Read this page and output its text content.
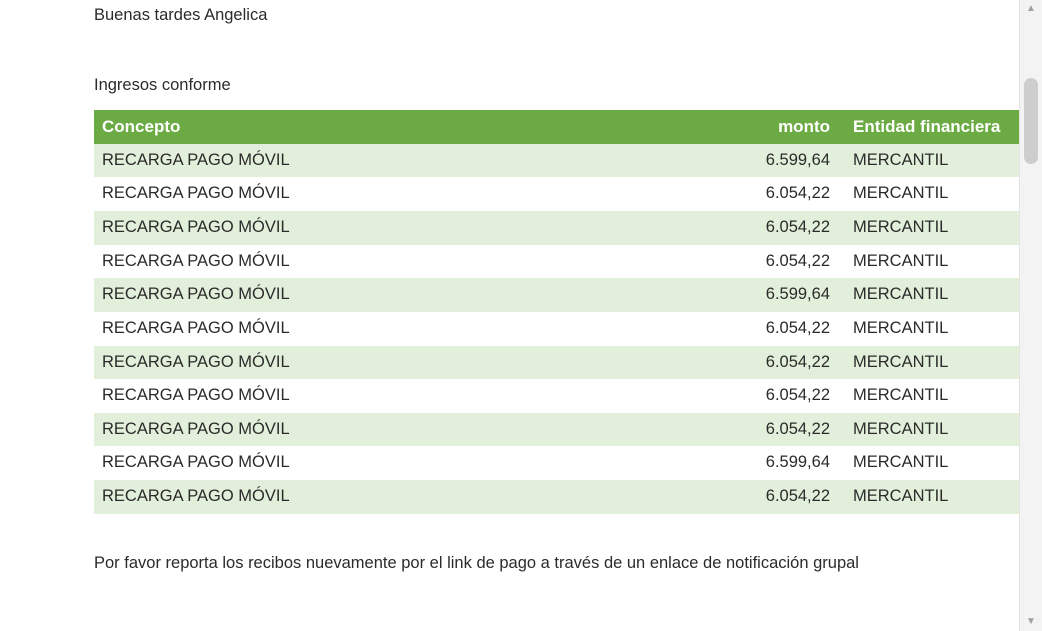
Buenas tardes Angelica
Ingresos conforme
Concepto	monto	Entidad financiera
RECARGA PAGO MÓVIL	6.599,64	MERCANTIL
RECARGA PAGO MÓVIL	6.054,22	MERCANTIL
RECARGA PAGO MÓVIL	6.054,22	MERCANTIL
RECARGA PAGO MÓVIL	6.054,22	MERCANTIL
RECARGA PAGO MÓVIL	6.599,64	MERCANTIL
RECARGA PAGO MÓVIL	6.054,22	MERCANTIL
RECARGA PAGO MÓVIL	6.054,22	MERCANTIL
RECARGA PAGO MÓVIL	6.054,22	MERCANTIL
RECARGA PAGO MÓVIL	6.054,22	MERCANTIL
RECARGA PAGO MÓVIL	6.599,64	MERCANTIL
RECARGA PAGO MÓVIL	6.054,22	MERCANTIL
Por favor reporta los recibos nuevamente por el link de pago a través de un enlace de notificación grupal
▲
▼
